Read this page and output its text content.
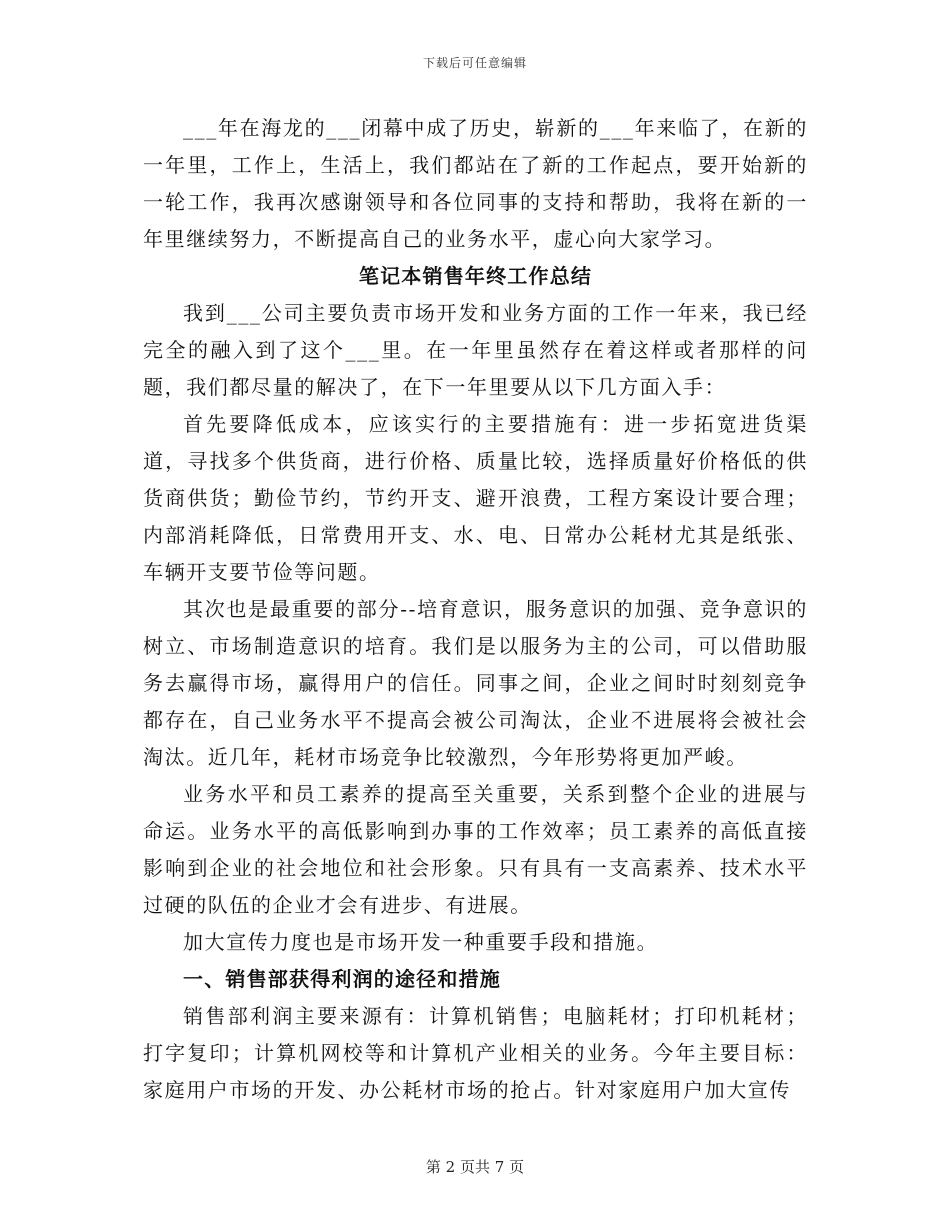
下载后可任意编辑

___年在海龙的___闭幕中成了历史，崭新的___年来临了，在新的一年里，工作上，生活上，我们都站在了新的工作起点，要开始新的一轮工作，我再次感谢领导和各位同事的支持和帮助，我将在新的一年里继续努力，不断提高自己的业务水平，虚心向大家学习。

笔记本销售年终工作总结

我到___公司主要负责市场开发和业务方面的工作一年来，我已经完全的融入到了这个___里。在一年里虽然存在着这样或者那样的问题，我们都尽量的解决了，在下一年里要从以下几方面入手：

首先要降低成本，应该实行的主要措施有：进一步拓宽进货渠道，寻找多个供货商，进行价格、质量比较，选择质量好价格低的供货商供货；勤俭节约，节约开支、避开浪费，工程方案设计要合理；内部消耗降低，日常费用开支、水、电、日常办公耗材尤其是纸张、车辆开支要节俭等问题。

其次也是最重要的部分--培育意识，服务意识的加强、竞争意识的树立、市场制造意识的培育。我们是以服务为主的公司，可以借助服务去赢得市场，赢得用户的信任。同事之间，企业之间时时刻刻竞争都存在，自己业务水平不提高会被公司淘汰，企业不进展将会被社会淘汰。近几年，耗材市场竞争比较激烈，今年形势将更加严峻。

业务水平和员工素养的提高至关重要，关系到整个企业的进展与命运。业务水平的高低影响到办事的工作效率；员工素养的高低直接影响到企业的社会地位和社会形象。只有具有一支高素养、技术水平过硬的队伍的企业才会有进步、有进展。

加大宣传力度也是市场开发一种重要手段和措施。

一、销售部获得利润的途径和措施

销售部利润主要来源有：计算机销售；电脑耗材；打印机耗材；打字复印；计算机网校等和计算机产业相关的业务。今年主要目标：家庭用户市场的开发、办公耗材市场的抢占。针对家庭用户加大宣传

第 2 页共 7 页
